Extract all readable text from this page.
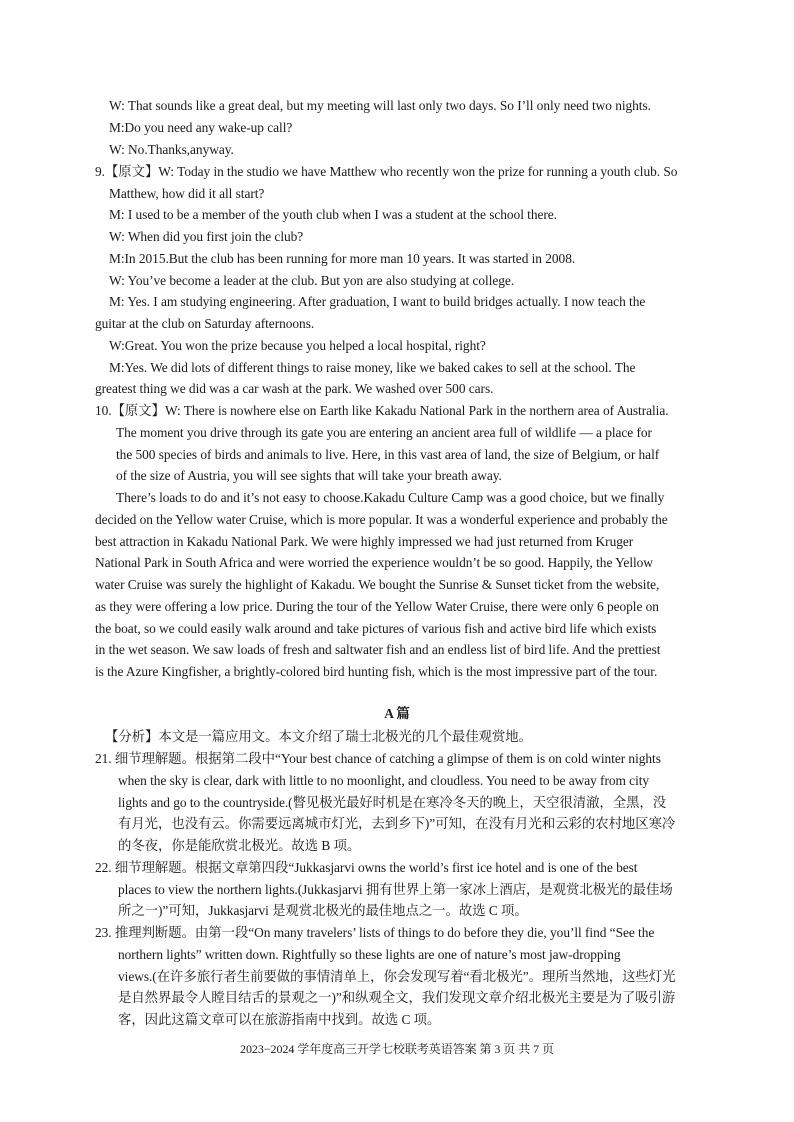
W: That sounds like a great deal, but my meeting will last only two days. So I’ll only need two nights.
M:Do you need any wake-up call?
W: No.Thanks,anyway.
9.【原文】W: Today in the studio we have Matthew who recently won the prize for running a youth club. So
Matthew, how did it all start?
M: I used to be a member of the youth club when I was a student at the school there.
W: When did you first join the club?
M:In 2015.But the club has been running for more man 10 years. It was started in 2008.
W: You’ve become a leader at the club. But yon are also studying at college.
M: Yes. I am studying engineering. After graduation, I want to build bridges actually. I now teach the
guitar at the club on Saturday afternoons.
W:Great. You won the prize because you helped a local hospital, right?
M:Yes. We did lots of different things to raise money, like we baked cakes to sell at the school. The
greatest thing we did was a car wash at the park. We washed over 500 cars.
10.【原文】W: There is nowhere else on Earth like Kakadu National Park in the northern area of Australia.
The moment you drive through its gate you are entering an ancient area full of wildlife — a place for
the 500 species of birds and animals to live. Here, in this vast area of land, the size of Belgium, or half
of the size of Austria, you will see sights that will take your breath away.
There’s loads to do and it’s not easy to choose.Kakadu Culture Camp was a good choice, but we finally
decided on the Yellow water Cruise, which is more popular. It was a wonderful experience and probably the
best attraction in Kakadu National Park. We were highly impressed we had just returned from Kruger
National Park in South Africa and were worried the experience wouldn’t be so good. Happily, the Yellow
water Cruise was surely the highlight of Kakadu. We bought the Sunrise & Sunset ticket from the website,
as they were offering a low price. During the tour of the Yellow Water Cruise, there were only 6 people on
the boat, so we could easily walk around and take pictures of various fish and active bird life which exists
in the wet season. We saw loads of fresh and saltwater fish and an endless list of bird life. And the prettiest
is the Azure Kingfisher, a brightly-colored bird hunting fish, which is the most impressive part of the tour.
A 篇
【分析】本文是一篇应用文。本文介绍了瑞士北极光的几个最佳观赏地。
21. 细节理解题。根据第二段中“Your best chance of catching a glimpse of them is on cold winter nights
when the sky is clear, dark with little to no moonlight, and cloudless. You need to be away from city
lights and go to the countryside.(瞥见极光最好时机是在寒冷冬天的晚上，天空很清澈，全黑，没
有月光，也没有云。你需要远离城市灯光，去到乡下)”可知，在没有月光和云彩的农村地区寒冷
的冬夜，你是能欣赏北极光。故选 B 项。
22. 细节理解题。根据文章第四段“Jukkasjarvi owns the world’s first ice hotel and is one of the best
places to view the northern lights.(Jukkasjarvi 拥有世界上第一家冰上酒店，是观赏北极光的最佳场
所之一)”可知，Jukkasjarvi 是观赏北极光的最佳地点之一。故选 C 项。
23. 推理判断题。由第一段“On many travelers’ lists of things to do before they die, you’ll find “See the
northern lights” written down. Rightfully so these lights are one of nature’s most jaw-dropping
views.(在许多旅行者生前要做的事情清单上，你会发现写着“看北极光”。理所当然地，这些灯光
是自然界最令人瞠目结舌的景观之一)”和纵观全文，我们发现文章介绍北极光主要是为了吸引游
客，因此这篇文章可以在旅游指南中找到。故选 C 项。
2023−2024 学年度高三开学七校联考英语答案 第 3 页 共 7 页
